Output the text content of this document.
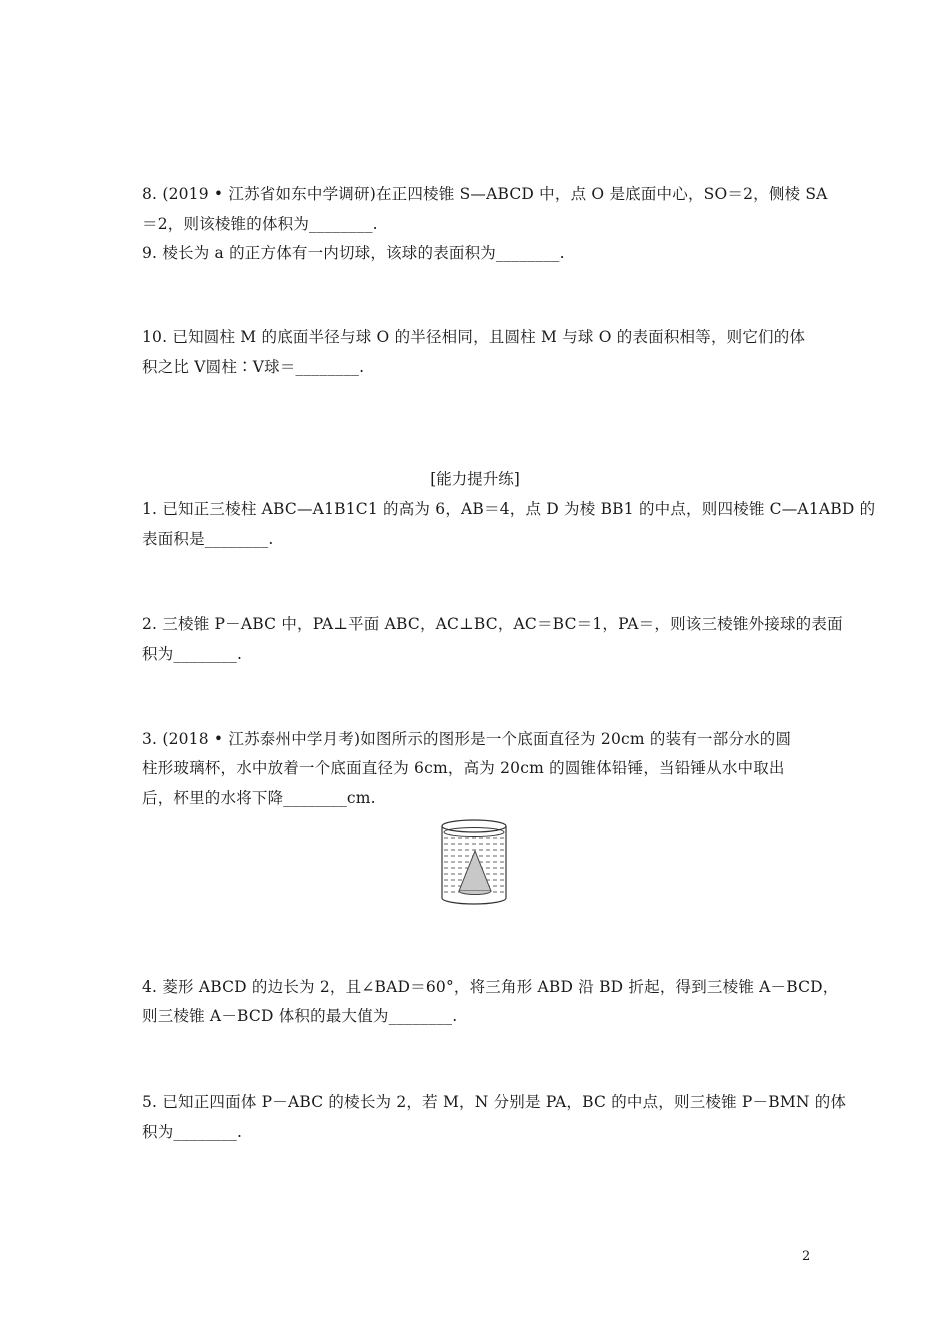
8. (2019 • 江苏省如东中学调研)在正四棱锥 S—ABCD 中，点 O 是底面中心，SO＝2，侧棱 SA
＝2，则该棱锥的体积为________.
9. 棱长为 a 的正方体有一内切球，该球的表面积为________.
10. 已知圆柱 M 的底面半径与球 O 的半径相同，且圆柱 M 与球 O 的表面积相等，则它们的体
积之比 V圆柱∶V球＝________.
[能力提升练]
1. 已知正三棱柱 ABC—A1B1C1 的高为 6，AB＝4，点 D 为棱 BB1 的中点，则四棱锥 C—A1ABD 的
表面积是________.
2. 三棱锥 P－ABC 中，PA⊥平面 ABC，AC⊥BC，AC＝BC＝1，PA＝，则该三棱锥外接球的表面
积为________.
3. (2018 • 江苏泰州中学月考)如图所示的图形是一个底面直径为 20cm 的装有一部分水的圆
柱形玻璃杯，水中放着一个底面直径为 6cm，高为 20cm 的圆锥体铅锤，当铅锤从水中取出
后，杯里的水将下降________cm.
4. 菱形 ABCD 的边长为 2，且∠BAD＝60°，将三角形 ABD 沿 BD 折起，得到三棱锥 A－BCD，
则三棱锥 A－BCD 体积的最大值为________.
5. 已知正四面体 P－ABC 的棱长为 2，若 M，N 分别是 PA，BC 的中点，则三棱锥 P－BMN 的体
积为________.
2
